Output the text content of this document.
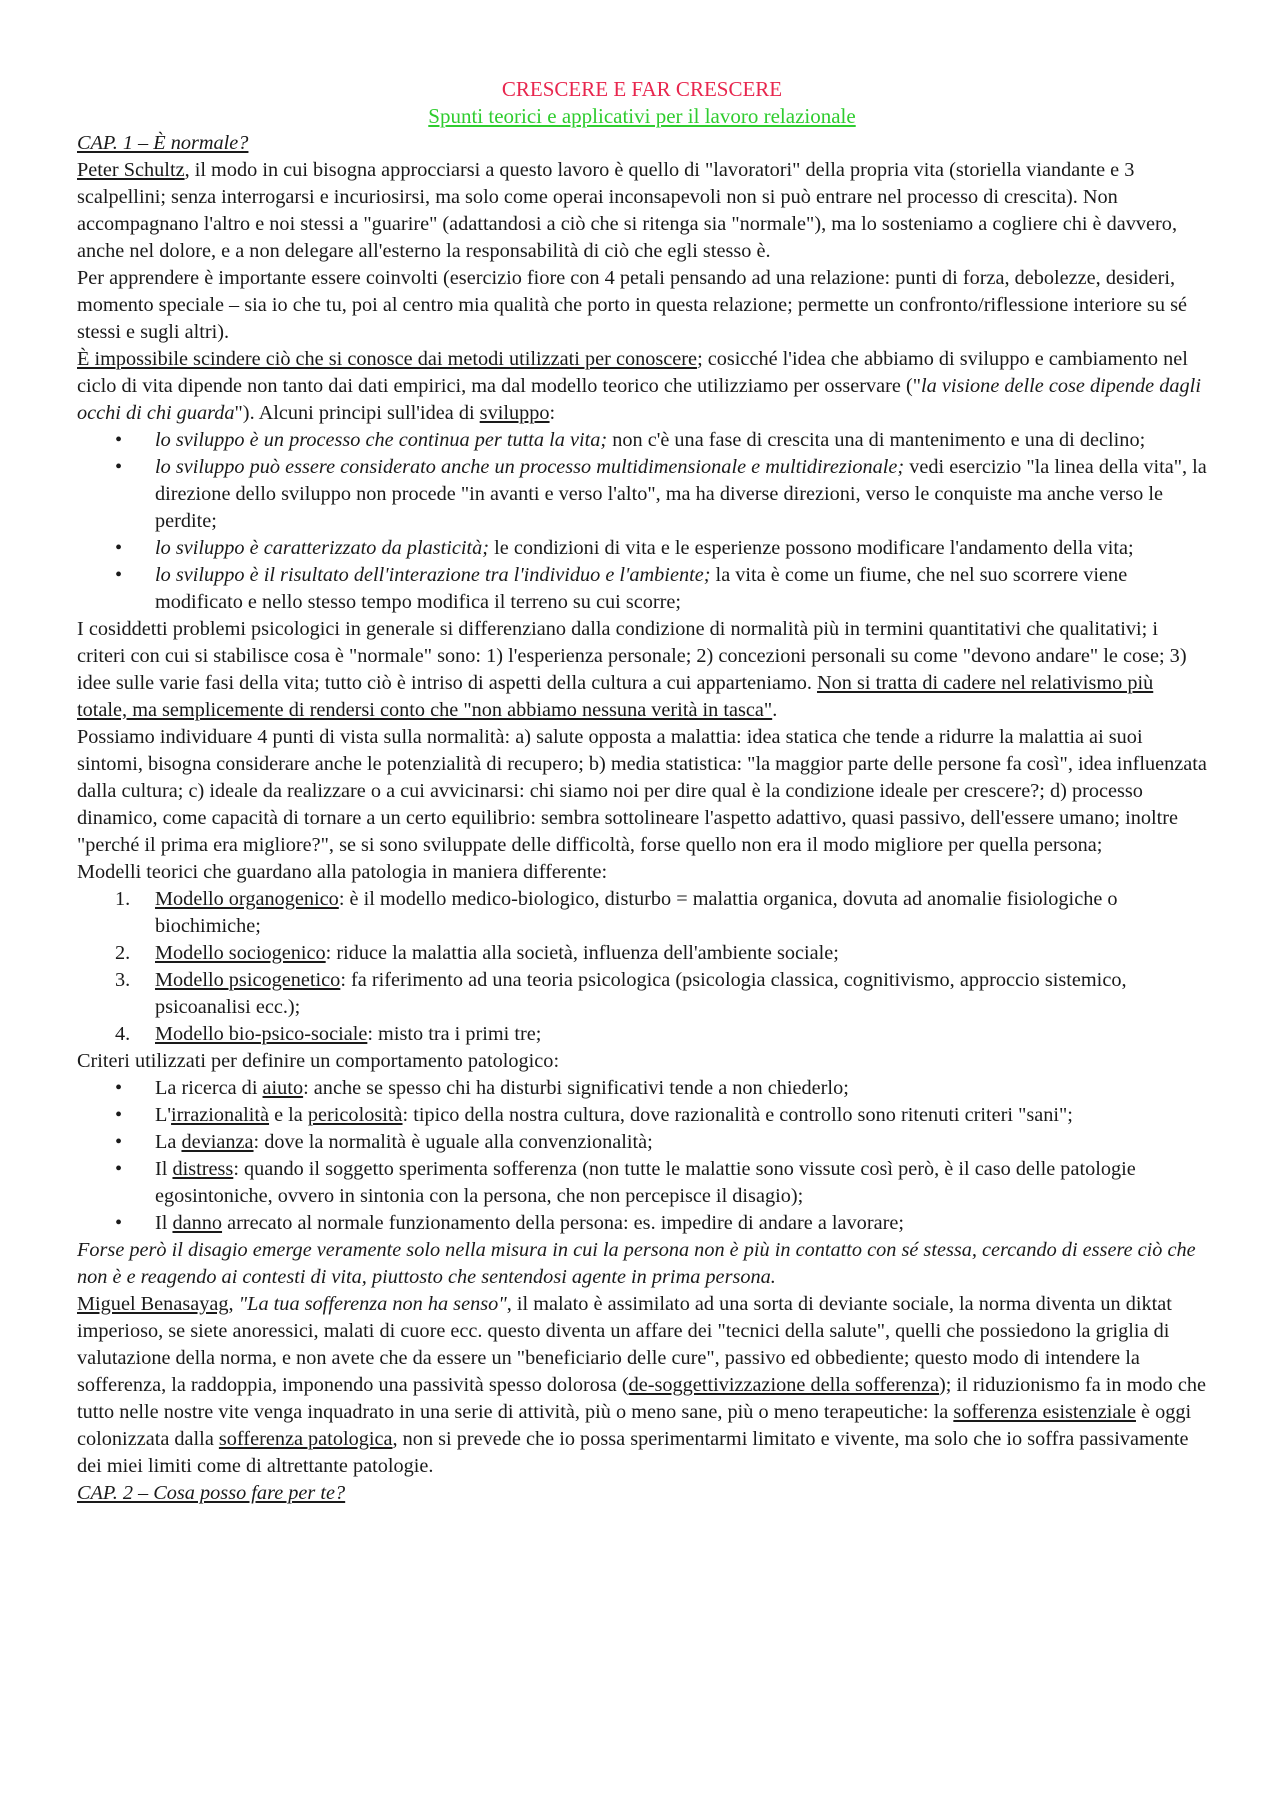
CRESCERE E FAR CRESCERE

Spunti teorici e applicativi per il lavoro relazionale

CAP. 1 – È normale?

Peter Schultz, il modo in cui bisogna approcciarsi a questo lavoro è quello di "lavoratori" della propria vita (storiella viandante e 3 scalpellini; senza interrogarsi e incuriosirsi, ma solo come operai inconsapevoli non si può entrare nel processo di crescita). Non accompagnano l'altro e noi stessi a "guarire" (adattandosi a ciò che si ritenga sia "normale"), ma lo sosteniamo a cogliere chi è davvero, anche nel dolore, e a non delegare all'esterno la responsabilità di ciò che egli stesso è.

Per apprendere è importante essere coinvolti (esercizio fiore con 4 petali pensando ad una relazione: punti di forza, debolezze, desideri, momento speciale – sia io che tu, poi al centro mia qualità che porto in questa relazione; permette un confronto/riflessione interiore su sé stessi e sugli altri).

È impossibile scindere ciò che si conosce dai metodi utilizzati per conoscere; cosicché l'idea che abbiamo di sviluppo e cambiamento nel ciclo di vita dipende non tanto dai dati empirici, ma dal modello teorico che utilizziamo per osservare ("la visione delle cose dipende dagli occhi di chi guarda"). Alcuni principi sull'idea di sviluppo:

• lo sviluppo è un processo che continua per tutta la vita; non c'è una fase di crescita una di mantenimento e una di declino;
• lo sviluppo può essere considerato anche un processo multidimensionale e multidirezionale; vedi esercizio "la linea della vita", la direzione dello sviluppo non procede "in avanti e verso l'alto", ma ha diverse direzioni, verso le conquiste ma anche verso le perdite;
• lo sviluppo è caratterizzato da plasticità; le condizioni di vita e le esperienze possono modificare l'andamento della vita;
• lo sviluppo è il risultato dell'interazione tra l'individuo e l'ambiente; la vita è come un fiume, che nel suo scorrere viene modificato e nello stesso tempo modifica il terreno su cui scorre;

I cosiddetti problemi psicologici in generale si differenziano dalla condizione di normalità più in termini quantitativi che qualitativi; i criteri con cui si stabilisce cosa è "normale" sono: 1) l'esperienza personale; 2) concezioni personali su come "devono andare" le cose; 3) idee sulle varie fasi della vita; tutto ciò è intriso di aspetti della cultura a cui apparteniamo. Non si tratta di cadere nel relativismo più totale, ma semplicemente di rendersi conto che "non abbiamo nessuna verità in tasca".

Possiamo individuare 4 punti di vista sulla normalità: a) salute opposta a malattia: idea statica che tende a ridurre la malattia ai suoi sintomi, bisogna considerare anche le potenzialità di recupero; b) media statistica: "la maggior parte delle persone fa così", idea influenzata dalla cultura; c) ideale da realizzare o a cui avvicinarsi: chi siamo noi per dire qual è la condizione ideale per crescere?; d) processo dinamico, come capacità di tornare a un certo equilibrio: sembra sottolineare l'aspetto adattivo, quasi passivo, dell'essere umano; inoltre "perché il prima era migliore?", se si sono sviluppate delle difficoltà, forse quello non era il modo migliore per quella persona;

Modelli teorici che guardano alla patologia in maniera differente:

1. Modello organogenico: è il modello medico-biologico, disturbo = malattia organica, dovuta ad anomalie fisiologiche o biochimiche;
2. Modello sociogenico: riduce la malattia alla società, influenza dell'ambiente sociale;
3. Modello psicogenetico: fa riferimento ad una teoria psicologica (psicologia classica, cognitivismo, approccio sistemico, psicoanalisi ecc.);
4. Modello bio-psico-sociale: misto tra i primi tre;

Criteri utilizzati per definire un comportamento patologico:

• La ricerca di aiuto: anche se spesso chi ha disturbi significativi tende a non chiederlo;
• L'irrazionalità e la pericolosità: tipico della nostra cultura, dove razionalità e controllo sono ritenuti criteri "sani";
• La devianza: dove la normalità è uguale alla convenzionalità;
• Il distress: quando il soggetto sperimenta sofferenza (non tutte le malattie sono vissute così però, è il caso delle patologie egosintoniche, ovvero in sintonia con la persona, che non percepisce il disagio);
• Il danno arrecato al normale funzionamento della persona: es. impedire di andare a lavorare;

Forse però il disagio emerge veramente solo nella misura in cui la persona non è più in contatto con sé stessa, cercando di essere ciò che non è e reagendo ai contesti di vita, piuttosto che sentendosi agente in prima persona.

Miguel Benasayag, "La tua sofferenza non ha senso", il malato è assimilato ad una sorta di deviante sociale, la norma diventa un diktat imperioso, se siete anoressici, malati di cuore ecc. questo diventa un affare dei "tecnici della salute", quelli che possiedono la griglia di valutazione della norma, e non avete che da essere un "beneficiario delle cure", passivo ed obbediente; questo modo di intendere la sofferenza, la raddoppia, imponendo una passività spesso dolorosa (de-soggettivizzazione della sofferenza); il riduzionismo fa in modo che tutto nelle nostre vite venga inquadrato in una serie di attività, più o meno sane, più o meno terapeutiche: la sofferenza esistenziale è oggi colonizzata dalla sofferenza patologica, non si prevede che io possa sperimentarmi limitato e vivente, ma solo che io soffra passivamente dei miei limiti come di altrettante patologie.

CAP. 2 – Cosa posso fare per te?
